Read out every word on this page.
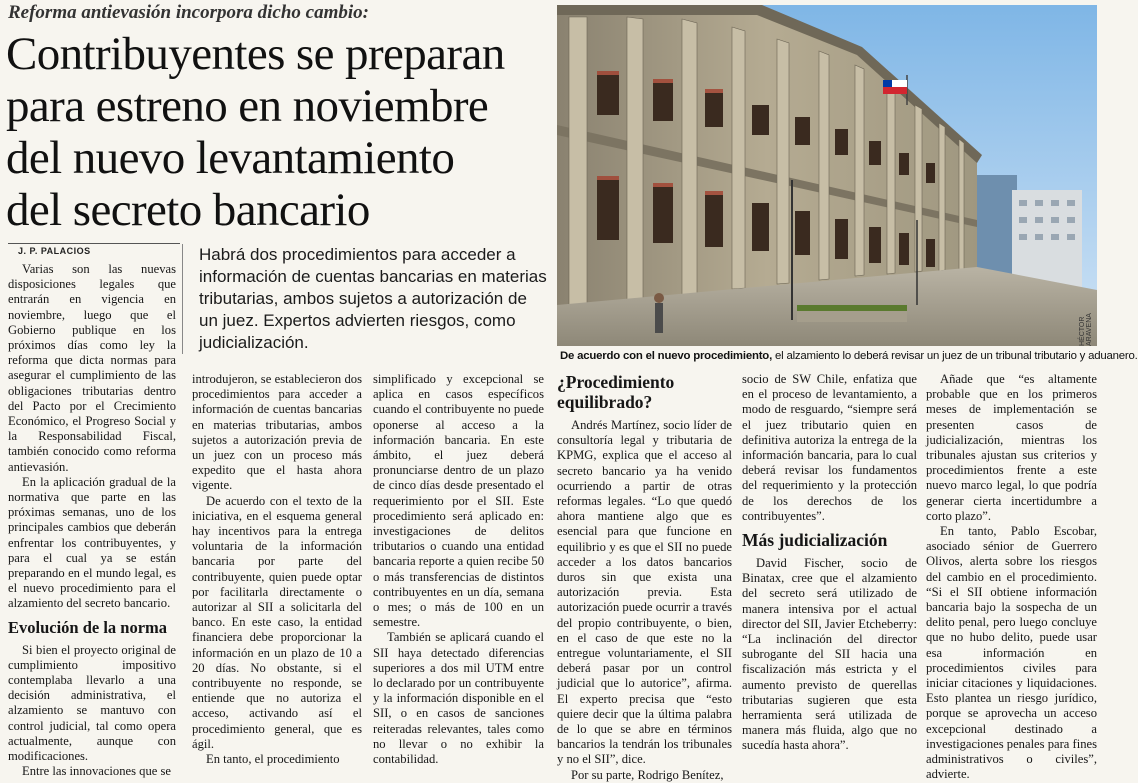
Reforma antievasión incorpora dicho cambio:
Contribuyentes se preparan
para estreno en noviembre
del nuevo levantamiento
del secreto bancario
J. P. PALACIOS	Habrá dos procedimientos para acceder a información de cuentas bancarias en materias tributarias, ambos sujetos a autorización de un juez. Expertos advierten riesgos, como judicialización.

Varias son las nuevas disposiciones legales que entrarán en vigencia en noviembre, luego que el Gobierno publique en los próximos días como ley la reforma que dicta normas para asegurar el cumplimiento de las obligaciones tributarias dentro del Pacto por el Crecimiento Económico, el Progreso Social y la Responsabilidad Fiscal, también conocido como reforma antievasión.

En la aplicación gradual de la normativa que parte en las próximas semanas, uno de los principales cambios que deberán enfrentar los contribuyentes, y para el cual ya se están preparando en el mundo legal, es el nuevo procedimiento para el alzamiento del secreto bancario.

Evolución de la norma

Si bien el proyecto original de cumplimiento impositivo contemplaba llevarlo a una decisión administrativa, el alzamiento se mantuvo con control judicial, tal como opera actualmente, aunque con modificaciones.

Entre las innovaciones que se

introdujeron, se establecieron dos procedimientos para acceder a información de cuentas bancarias en materias tributarias, ambos sujetos a autorización previa de un juez con un proceso más expedito que el hasta ahora vigente.

De acuerdo con el texto de la iniciativa, en el esquema general hay incentivos para la entrega voluntaria de la información bancaria por parte del contribuyente, quien puede optar por facilitarla directamente o autorizar al SII a solicitarla del banco. En este caso, la entidad financiera debe proporcionar la información en un plazo de 10 a 20 días. No obstante, si el contribuyente no responde, se entiende que no autoriza el acceso, activando así el procedimiento general, que es ágil.

En tanto, el procedimiento

simplificado y excepcional se aplica en casos específicos cuando el contribuyente no puede oponerse al acceso a la información bancaria. En este ámbito, el juez deberá pronunciarse dentro de un plazo de cinco días desde presentado el requerimiento por el SII. Este procedimiento será aplicado en: investigaciones de delitos tributarios o cuando una entidad bancaria reporte a quien recibe 50 o más transferencias de distintos contribuyentes en un día, semana o mes; o más de 100 en un semestre.

También se aplicará cuando el SII haya detectado diferencias superiores a dos mil UTM entre lo declarado por un contribuyente y la información disponible en el SII, o en casos de sanciones reiteradas relevantes, tales como no llevar o no exhibir la contabilidad.

HÉCTOR ARAVENA
De acuerdo con el nuevo procedimiento, el alzamiento lo deberá revisar un juez de un tribunal tributario y aduanero.
¿Procedimiento equilibrado?

Andrés Martínez, socio líder de consultoría legal y tributaria de KPMG, explica que el acceso al secreto bancario ya ha venido ocurriendo a partir de otras reformas legales. “Lo que quedó ahora mantiene algo que es esencial para que funcione en equilibrio y es que el SII no puede acceder a los datos bancarios duros sin que exista una autorización previa. Esta autorización puede ocurrir a través del propio contribuyente, o bien, en el caso de que este no la entregue voluntariamente, el SII deberá pasar por un control judicial que lo autorice”, afirma. El experto precisa que “esto quiere decir que la última palabra de lo que se abre en términos bancarios la tendrán los tribunales y no el SII”, dice.

Por su parte, Rodrigo Benítez,

socio de SW Chile, enfatiza que en el proceso de levantamiento, a modo de resguardo, “siempre será el juez tributario quien en definitiva autoriza la entrega de la información bancaria, para lo cual deberá revisar los fundamentos del requerimiento y la protección de los derechos de los contribuyentes”.

Más judicialización

David Fischer, socio de Binatax, cree que el alzamiento del secreto será utilizado de manera intensiva por el actual director del SII, Javier Etcheberry: “La inclinación del director subrogante del SII hacia una fiscalización más estricta y el aumento previsto de querellas tributarias sugieren que esta herramienta será utilizada de manera más fluida, algo que no sucedía hasta ahora”.

Añade que “es altamente probable que en los primeros meses de implementación se presenten casos de judicialización, mientras los tribunales ajustan sus criterios y procedimientos frente a este nuevo marco legal, lo que podría generar cierta incertidumbre a corto plazo”.

En tanto, Pablo Escobar, asociado sénior de Guerrero Olivos, alerta sobre los riesgos del cambio en el procedimiento. “Si el SII obtiene información bancaria bajo la sospecha de un delito penal, pero luego concluye que no hubo delito, puede usar esa información en procedimientos civiles para iniciar citaciones y liquidaciones. Esto plantea un riesgo jurídico, porque se aprovecha un acceso excepcional destinado a investigaciones penales para fines administrativos o civiles”, advierte.
